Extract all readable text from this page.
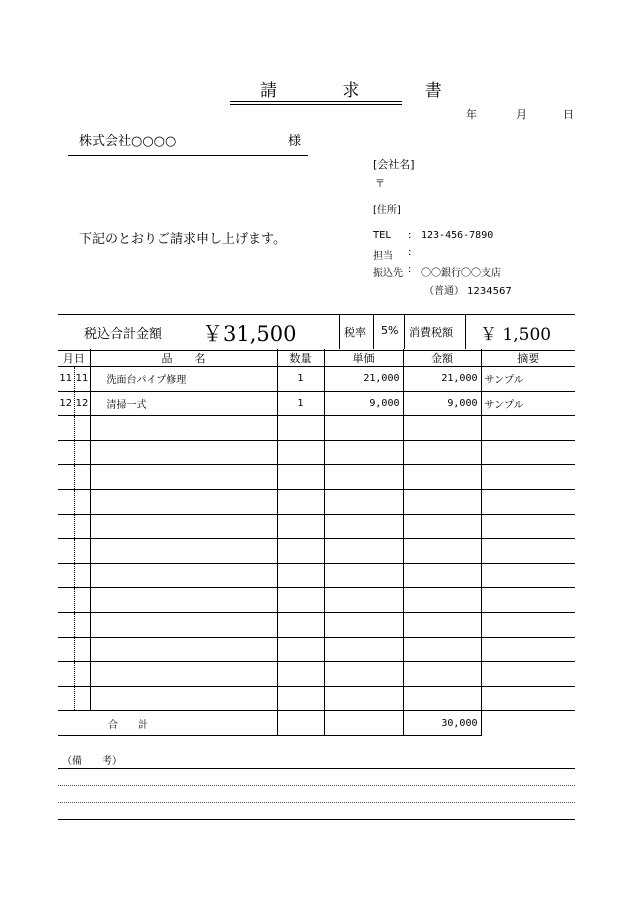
請 求 書
年	月	日
株式会社○○○○	様
[会社名]
〒
[住所]
TEL : 123-456-7890
担当 :
振込先 : 〇〇銀行〇〇支店
（普通） 1234567
下記のとおりご請求申し上げます。
税込合計金額 ￥31,500	税率 5% 消費税額 ￥ 1,500
月日		品　　名	数量	単価	金額	摘要
11	11	洗面台パイプ修理	1	21,000	21,000	サンプル
12	12	清掃一式	1	9,000	9,000	サンプル

合　　計					30,000	
（備　　考）
